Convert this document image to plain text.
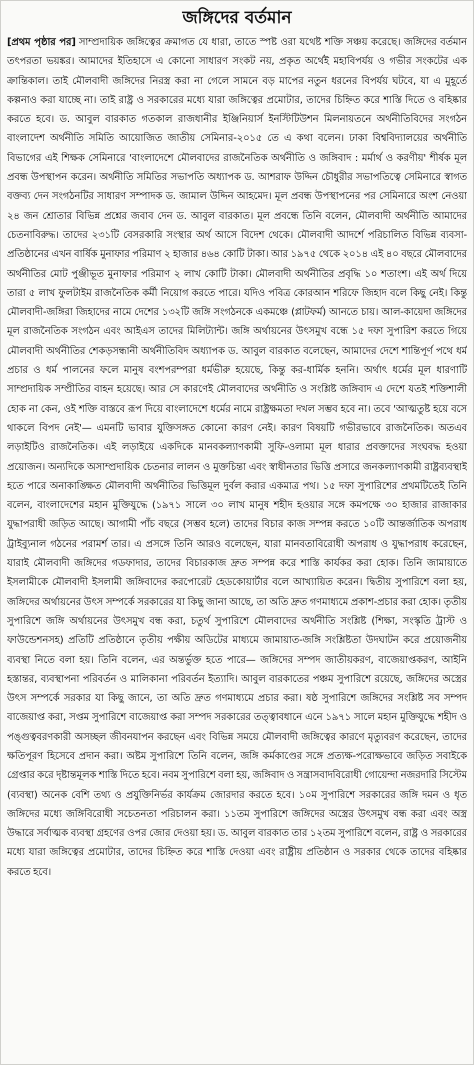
জঙ্গিদের বর্তমান

[প্রথম পৃষ্ঠার পর] সাম্প্রদায়িক জঙ্গিত্বের ক্রমাগত যে ধারা, তাতে স্পষ্ট ওরা যথেষ্ট শক্তি সঞ্চয় করেছে। জঙ্গিদের বর্তমান তৎপরতা ভয়ঙ্কর। আমাদের ইতিহাসে এ কোনো সাধারণ সংকট নয়, প্রকৃত অর্থেই মহাবিপর্যয় ও গভীর সংকটের এক ক্রান্তিকাল। তাই মৌলবাদী জঙ্গিদের নিরস্ত্র করা না গেলে সামনে বড় মাপের নতুন ধরনের বিপর্যয় ঘটবে, যা এ মুহূর্তে কল্পনাও করা যাচ্ছে না। তাই রাষ্ট্র ও সরকারের মধ্যে যারা জঙ্গিত্বের প্রমোটার, তাদের চিহ্নিত করে শাস্তি দিতে ও বহিষ্কার করতে হবে। ড. আবুল বারকাত গতকাল রাজধানীর ইঞ্জিনিয়ার্স ইনস্টিটিউশন মিলনায়তনে অর্থনীতিবিদের সংগঠন বাংলাদেশ অর্থনীতি সমিতি আয়োজিত জাতীয় সেমিনার-২০১৫ তে এ কথা বলেন। ঢাকা বিশ্ববিদ্যালয়ের অর্থনীতি বিভাগের এই শিক্ষক সেমিনারে 'বাংলাদেশে মৌলবাদের রাজনৈতিক অর্থনীতি ও জঙ্গিবাদ : মর্মার্থ ও করণীয়' শীর্ষক মূল প্রবন্ধ উপস্থাপন করেন। অর্থনীতি সমিতির সভাপতি অধ্যাপক ড. আশরাফ উদ্দিন চৌধুরীর সভাপতিত্বে সেমিনারে স্বাগত বক্তব্য দেন সংগঠনটির সাধারণ সম্পাদক ড. জামাল উদ্দিন আহমেদ। মূল প্রবন্ধ উপস্থাপনের পর সেমিনারে অংশ নেওয়া ২৪ জন শ্রোতার বিভিন্ন প্রশ্নের জবাব দেন ড. আবুল বারকাত। মূল প্রবন্ধে তিনি বলেন, মৌলবাদী অর্থনীতি আমাদের চেতনাবিরুদ্ধ। তাদের ২৩১টি বেসরকারি সংস্থার অর্থ আসে বিদেশ থেকে। মৌলবাদী আদর্শে পরিচালিত বিভিন্ন ব্যবসা-প্রতিষ্ঠানের এখন বার্ষিক মুনাফার পরিমাণ ২ হাজার ৪৬৪ কোটি টাকা। আর ১৯৭৫ থেকে ২০১৪ এই ৪০ বছরে মৌলবাদের অর্থনীতির মোট পুঞ্জীভূত মুনাফার পরিমাণ ২ লাখ কোটি টাকা। মৌলবাদী অর্থনীতির প্রবৃদ্ধি ১০ শতাংশ। এই অর্থ দিয়ে তারা ৫ লাখ ফুলটাইম রাজনৈতিক কর্মী নিয়োগ করতে পারে। যদিও পবিত্র কোরআন শরিফে জিহাদ বলে কিছু নেই। কিন্তু মৌলবাদী-জঙ্গিরা জিহাদের নামে দেশের ১৩২টি জঙ্গি সংগঠনকে একমঞ্চে (প্লাটফর্ম) আনতে চায়। আল-কায়েদা জঙ্গিদের মূল রাজনৈতিক সংগঠন এবং আইএস তাদের মিলিট্যান্ট। জঙ্গি অর্থায়নের উৎসমুখ বন্ধে ১৫ দফা সুপারিশ করতে গিয়ে মৌলবাদী অর্থনীতির শেকড়সন্ধানী অর্থনীতিবিদ অধ্যাপক ড. আবুল বারকাত বলেছেন, আমাদের দেশে শান্তিপূর্ণ পথে ধর্ম প্রচার ও ধর্ম পালনের ফলে মানুষ বংশপরম্পরা ধর্মভীরু হয়েছে, কিন্তু কর-ধার্মিক হননি। অর্থাৎ ধর্মের মূল ধারণাটি সাম্প্রদায়িক সম্প্রীতির বাহন হয়েছে। আর সে কারণেই মৌলবাদের অর্থনীতি ও সংশ্লিষ্ট জঙ্গিবাদ এ দেশে যতই শক্তিশালী হোক না কেন, ওই শক্তি বাস্তবে রূপ দিয়ে বাংলাদেশে ধর্মের নামে রাষ্ট্রক্ষমতা দখল সম্ভব হবে না। তবে 'আত্মতুষ্ট হয়ে বসে থাকলে বিপদ নেই'— এমনটি ভাবার যুক্তিসঙ্গত কোনো কারণ নেই। কারণ বিষয়টি গভীরভাবে রাজনৈতিক। অতএব লড়াইটিও রাজনৈতিক। এই লড়াইয়ে একদিকে মানবকল্যাণকামী সুফি-ওলামা মূল ধারার প্রবক্তাদের সংঘবদ্ধ হওয়া প্রয়োজন। অন্যদিকে অসাম্প্রদায়িক চেতনার লালন ও মুক্তচিন্তা এবং স্বাধীনতার ভিত্তি প্রসারে জনকল্যাণকামী রাষ্ট্রব্যবস্থাই হতে পারে অনাকাঙ্ক্ষিত মৌলবাদী অর্থনীতির ভিত্তিমূল দুর্বল করার একমাত্র পথ। ১৫ দফা সুপারিশের প্রথমটিতেই তিনি বলেন, বাংলাদেশের মহান মুক্তিযুদ্ধে (১৯৭১ সালে ৩০ লাখ মানুষ শহীদ হওয়ার সঙ্গে কমপক্ষে ৩০ হাজার রাজাকার যুদ্ধাপরাধী জড়িত আছে। আগামী পাঁচ বছরে (সম্ভব হলে) তাদের বিচার কাজ সম্পন্ন করতে ১০টি আন্তর্জাতিক অপরাধ ট্রাইব্যুনাল গঠনের পরামর্শ তার। এ প্রসঙ্গে তিনি আরও বলেছেন, যারা মানবতাবিরোধী অপরাধ ও যুদ্ধাপরাধ করেছেন, যারাই মৌলবাদী জঙ্গিদের গডফাদার, তাদের বিচারকাজ দ্রুত সম্পন্ন করে শাস্তি কার্যকর করা হোক। তিনি জামায়াতে ইসলামীকে মৌলবাদী ইসলামী জঙ্গিবাদের করপোরেট হেডকোয়ার্টার বলে আখ্যায়িত করেন। দ্বিতীয় সুপারিশে বলা হয়, জঙ্গিদের অর্থায়নের উৎস সম্পর্কে সরকারের যা কিছু জানা আছে, তা অতি দ্রুত গণমাধ্যমে প্রকাশ-প্রচার করা হোক। তৃতীয় সুপারিশে জঙ্গি অর্থায়নের উৎসমুখ বন্ধ করা, চতুর্থ সুপারিশে মৌলবাদের অর্থনীতি সংশ্লিষ্ট (শিক্ষা, সংস্কৃতি ট্রাস্ট ও ফাউন্ডেশনসহ) প্রতিটি প্রতিষ্ঠানে তৃতীয় পক্ষীয় অডিটের মাধ্যমে জামায়াত-জঙ্গি সংশ্লিষ্টতা উদঘাটন করে প্রয়োজনীয় ব্যবস্থা নিতে বলা হয়। তিনি বলেন, এর অন্তর্ভুক্ত হতে পারে— জঙ্গিদের সম্পদ জাতীয়করণ, বাজেয়াপ্তকরণ, আইনি হস্তান্তর, ব্যবস্থাপনা পরিবর্তন ও মালিকানা পরিবর্তন ইত্যাদি। আবুল বারকাতের পঞ্চম সুপারিশে রয়েছে, জঙ্গিদের অস্ত্রের উৎস সম্পর্কে সরকার যা কিছু জানে, তা অতি দ্রুত গণমাধ্যমে প্রচার করা। ষষ্ঠ সুপারিশে জঙ্গিদের সংশ্লিষ্ট সব সম্পদ বাজেয়াপ্ত করা, সপ্তম সুপারিশে বাজেয়াপ্ত করা সম্পদ সরকারের তত্ত্বাবধানে এনে ১৯৭১ সালে মহান মুক্তিযুদ্ধে শহীদ ও পঙ্গুত্ববরণকারী অসচ্ছল জীবনযাপন করছেন এবং বিভিন্ন সময়ে মৌলবাদী জঙ্গিত্বের কারণে মৃত্যুবরণ করেছেন, তাদের ক্ষতিপূরণ হিসেবে প্রদান করা। অষ্টম সুপারিশে তিনি বলেন, জঙ্গি কর্মকাণ্ডের সঙ্গে প্রত্যক্ষ-পরোক্ষভাবে জড়িত সবাইকে গ্রেপ্তার করে দৃষ্টান্তমূলক শাস্তি দিতে হবে। নবম সুপারিশে বলা হয়, জঙ্গিবাদ ও সন্ত্রাসবাদবিরোধী গোয়েন্দা নজরদারি সিস্টেম (ব্যবস্থা) অনেক বেশি তথ্য ও প্রযুক্তিনির্ভর কার্যক্রম জোরদার করতে হবে। ১০ম সুপারিশে সরকারের জঙ্গি দমন ও ধৃত জঙ্গিদের মধ্যে জঙ্গিবিরোধী সচেতনতা পরিচালন করা। ১১তম সুপারিশে জঙ্গিদের অস্ত্রের উৎসমুখ বন্ধ করা এবং অস্ত্র উদ্ধারে সর্বাত্মক ব্যবস্থা গ্রহণের ওপর জোর দেওয়া হয়। ড. আবুল বারকাত তার ১২তম সুপারিশে বলেন, রাষ্ট্র ও সরকারের মধ্যে যারা জঙ্গিত্বের প্রমোটার, তাদের চিহ্নিত করে শাস্তি দেওয়া এবং রাষ্ট্রীয় প্রতিষ্ঠান ও সরকার থেকে তাদের বহিষ্কার করতে হবে।
